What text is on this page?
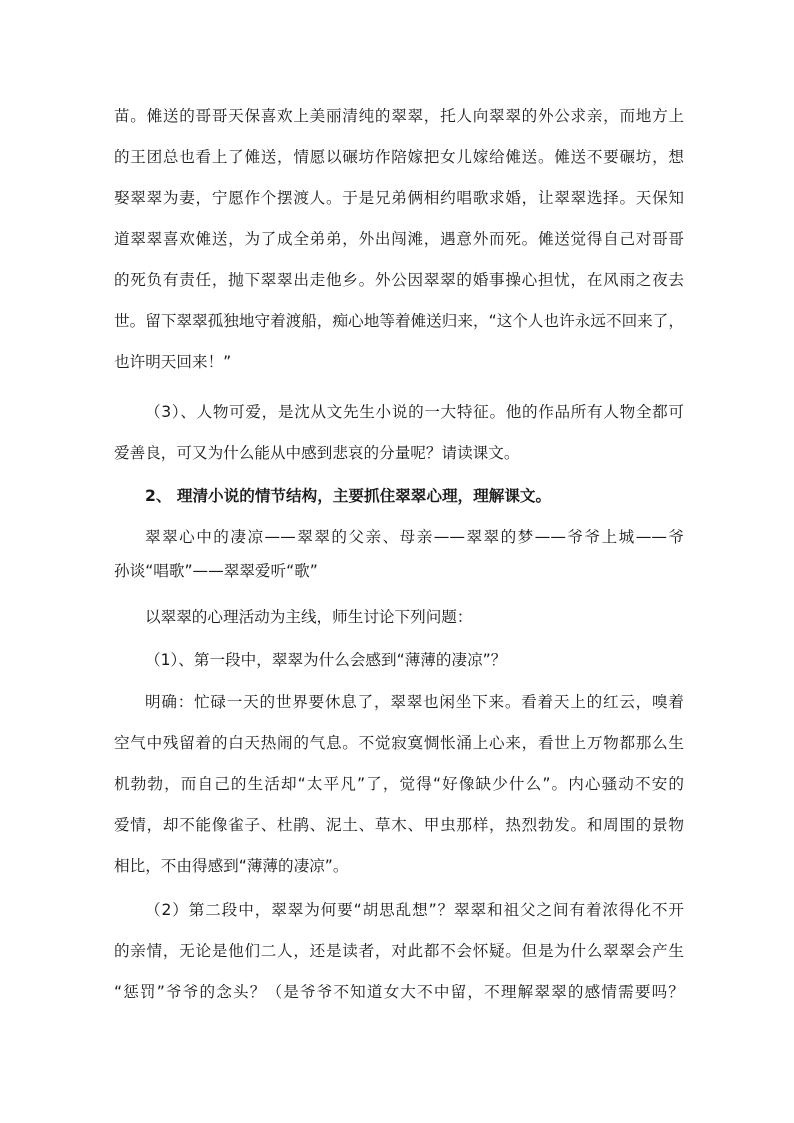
苗。傩送的哥哥天保喜欢上美丽清纯的翠翠，托人向翠翠的外公求亲，而地方上
的王团总也看上了傩送，情愿以碾坊作陪嫁把女儿嫁给傩送。傩送不要碾坊，想
娶翠翠为妻，宁愿作个摆渡人。于是兄弟俩相约唱歌求婚，让翠翠选择。天保知
道翠翠喜欢傩送，为了成全弟弟，外出闯滩，遇意外而死。傩送觉得自己对哥哥
的死负有责任，抛下翠翠出走他乡。外公因翠翠的婚事操心担忧，在风雨之夜去
世。留下翠翠孤独地守着渡船，痴心地等着傩送归来，“这个人也许永远不回来了，
也许明天回来！”
（3）、人物可爱，是沈从文先生小说的一大特征。他的作品所有人物全都可
爱善良，可又为什么能从中感到悲哀的分量呢？请读课文。
2、 理清小说的情节结构，主要抓住翠翠心理，理解课文。
翠翠心中的凄凉——翠翠的父亲、母亲——翠翠的梦——爷爷上城——爷
孙谈“唱歌”——翠翠爱听“歌”
以翠翠的心理活动为主线，师生讨论下列问题：
（1）、第一段中，翠翠为什么会感到“薄薄的凄凉”？
明确：忙碌一天的世界要休息了，翠翠也闲坐下来。看着天上的红云，嗅着
空气中残留着的白天热闹的气息。不觉寂寞惆怅涌上心来，看世上万物都那么生
机勃勃，而自己的生活却“太平凡”了，觉得“好像缺少什么”。内心骚动不安的
爱情，却不能像雀子、杜鹃、泥土、草木、甲虫那样，热烈勃发。和周围的景物
相比，不由得感到“薄薄的凄凉”。
（2）第二段中，翠翠为何要“胡思乱想”？翠翠和祖父之间有着浓得化不开
的亲情，无论是他们二人，还是读者，对此都不会怀疑。但是为什么翠翠会产生
“惩罚”爷爷的念头？（是爷爷不知道女大不中留，不理解翠翠的感情需要吗？
